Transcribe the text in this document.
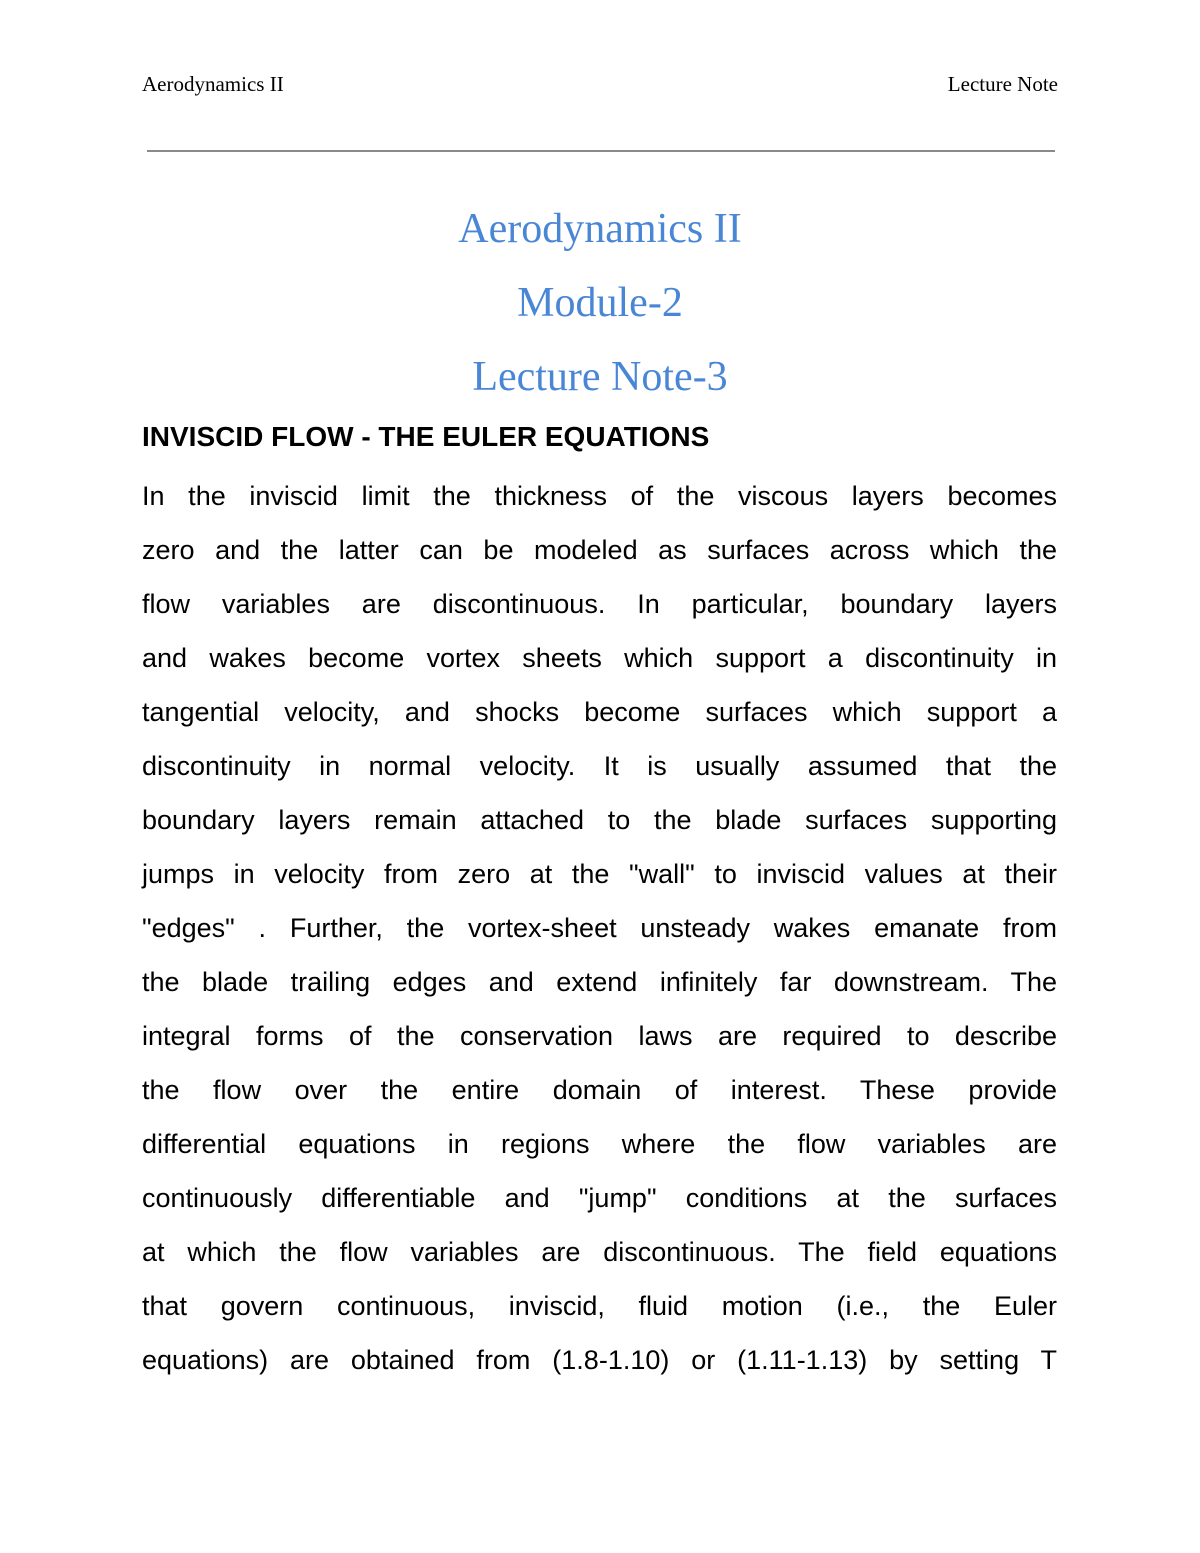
Aerodynamics II	Lecture Note
Aerodynamics II
Module-2
Lecture Note-3
INVISCID FLOW - THE EULER EQUATIONS
In the inviscid limit the thickness of the viscous layers becomes
zero and the latter can be modeled as surfaces across which the
flow variables are discontinuous. In particular, boundary layers
and wakes become vortex sheets which support a discontinuity in
tangential velocity, and shocks become surfaces which support a
discontinuity in normal velocity. It is usually assumed that the
boundary layers remain attached to the blade surfaces supporting
jumps in velocity from zero at the "wall" to inviscid values at their
"edges" . Further, the vortex-sheet unsteady wakes emanate from
the blade trailing edges and extend infinitely far downstream. The
integral forms of the conservation laws are required to describe
the flow over the entire domain of interest. These provide
differential equations in regions where the flow variables are
continuously differentiable and "jump" conditions at the surfaces
at which the flow variables are discontinuous. The field equations
that govern continuous, inviscid, fluid motion (i.e., the Euler
equations) are obtained from (1.8-1.10) or (1.11-1.13) by setting T
